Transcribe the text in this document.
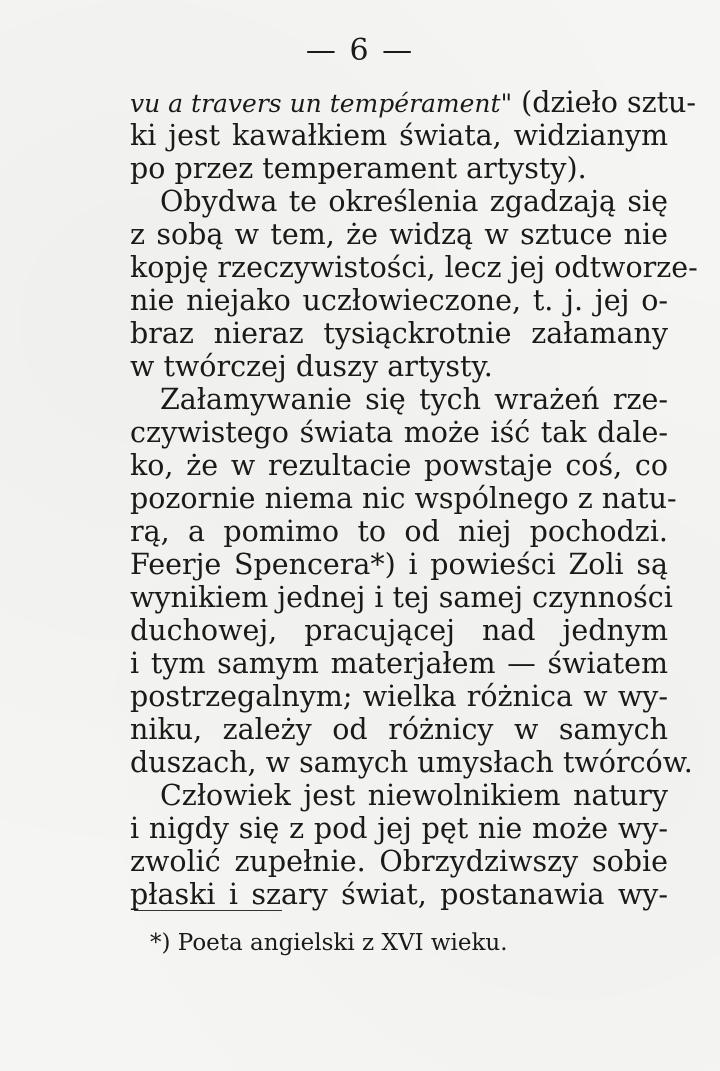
— 6 —
vu a travers un tempérament" (dzieło sztu-
ki jest kawałkiem świata, widzianym
po przez temperament artysty).
Obydwa te określenia zgadzają się
z sobą w tem, że widzą w sztuce nie
kopję rzeczywistości, lecz jej odtworze-
nie niejako uczłowieczone, t. j. jej o-
braz nieraz tysiąckrotnie załamany
w twórczej duszy artysty.
Załamywanie się tych wrażeń rze-
czywistego świata może iść tak dale-
ko, że w rezultacie powstaje coś, co
pozornie niema nic wspólnego z natu-
rą, a pomimo to od niej pochodzi.
Feerje Spencera*) i powieści Zoli są
wynikiem jednej i tej samej czynności
duchowej, pracującej nad jednym
i tym samym materjałem — światem
postrzegalnym; wielka różnica w wy-
niku, zależy od różnicy w samych
duszach, w samych umysłach twórców.
Człowiek jest niewolnikiem natury
i nigdy się z pod jej pęt nie może wy-
zwolić zupełnie. Obrzydziwszy sobie
płaski i szary świat, postanawia wy-
*) Poeta angielski z XVI wieku.
